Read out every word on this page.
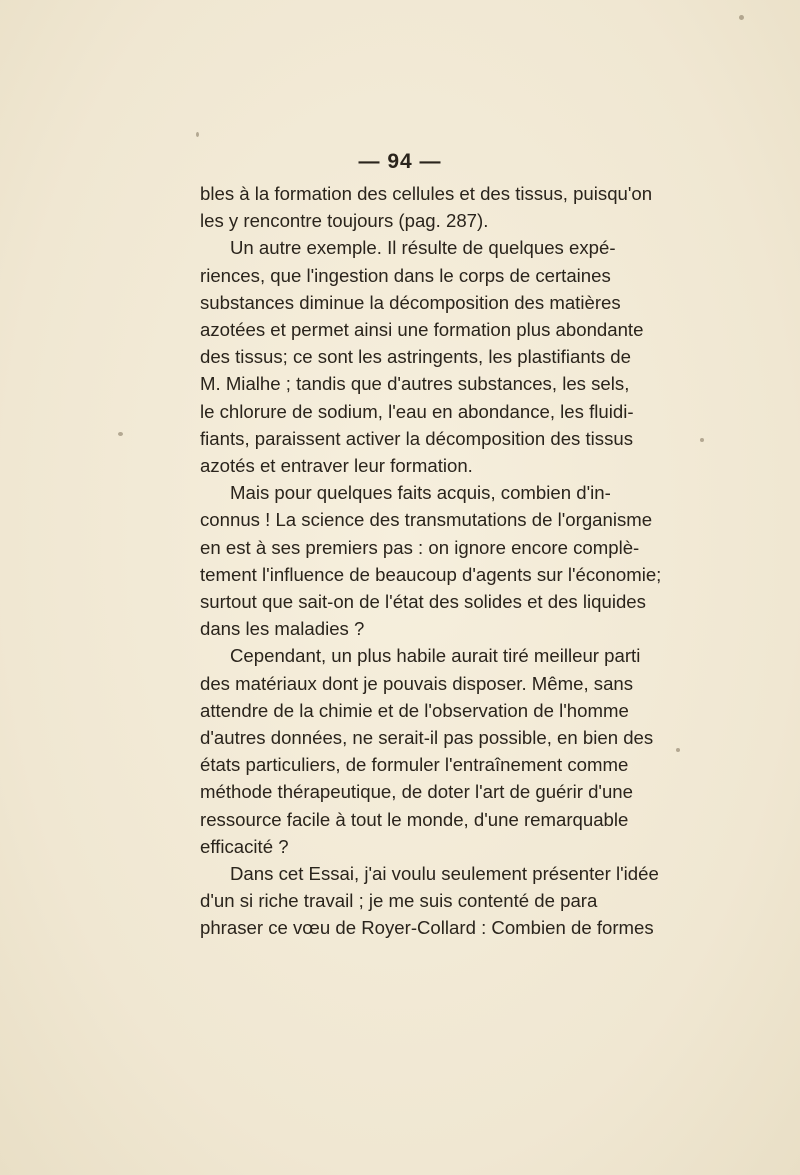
— 94 —
bles à la formation des cellules et des tissus, puisqu'on
les y rencontre toujours (pag. 287).
Un autre exemple. Il résulte de quelques expé-
riences, que l'ingestion dans le corps de certaines
substances diminue la décomposition des matières
azotées et permet ainsi une formation plus abondante
des tissus; ce sont les astringents, les plastifiants de
M. Mialhe ; tandis que d'autres substances, les sels,
le chlorure de sodium, l'eau en abondance, les fluidi-
fiants, paraissent activer la décomposition des tissus
azotés et entraver leur formation.
Mais pour quelques faits acquis, combien d'in-
connus ! La science des transmutations de l'organisme
en est à ses premiers pas : on ignore encore complè-
tement l'influence de beaucoup d'agents sur l'économie;
surtout que sait-on de l'état des solides et des liquides
dans les maladies ?
Cependant, un plus habile aurait tiré meilleur parti
des matériaux dont je pouvais disposer. Même, sans
attendre de la chimie et de l'observation de l'homme
d'autres données, ne serait-il pas possible, en bien des
états particuliers, de formuler l'entraînement comme
méthode thérapeutique, de doter l'art de guérir d'une
ressource facile à tout le monde, d'une remarquable
efficacité ?
Dans cet Essai, j'ai voulu seulement présenter l'idée
d'un si riche travail ; je me suis contenté de para
phraser ce vœu de Royer-Collard : Combien de formes
